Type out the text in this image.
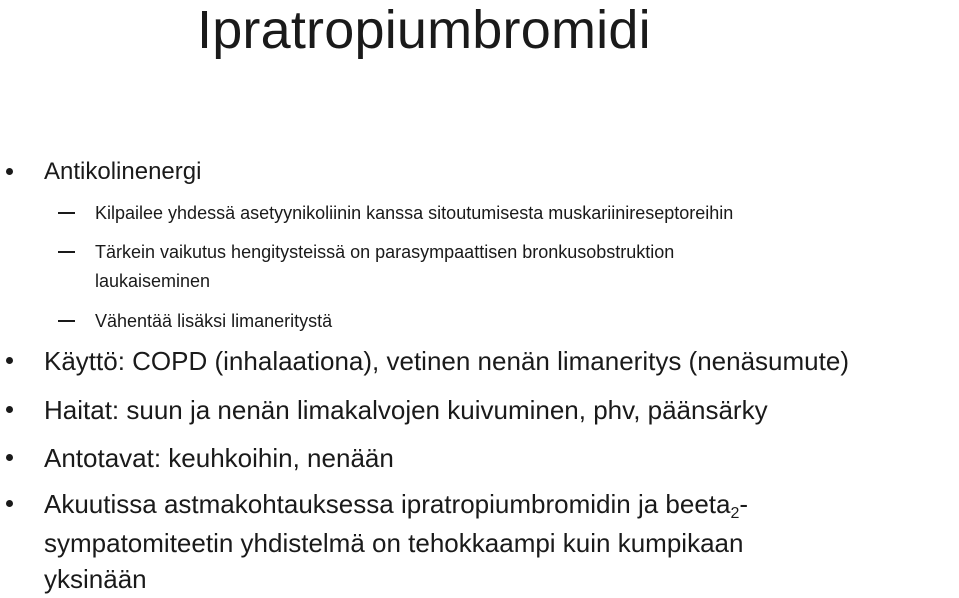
Ipratropiumbromidi
Antikolinenergi
Kilpailee yhdessä asetyynikoliinin kanssa sitoutumisesta muskariinireseptoreihin
Tärkein vaikutus hengitysteissä on parasympaattisen bronkusobstruktion
laukaiseminen
Vähentää lisäksi limaneritystä
Käyttö: COPD (inhalaationa), vetinen nenän limaneritys (nenäsumute)
Haitat: suun ja nenän limakalvojen kuivuminen, phv, päänsärky
Antotavat: keuhkoihin, nenään
Akuutissa astmakohtauksessa ipratropiumbromidin ja beeta$_2$-
sympatomiteetin yhdistelmä on tehokkaampi kuin kumpikaan
yksinään
